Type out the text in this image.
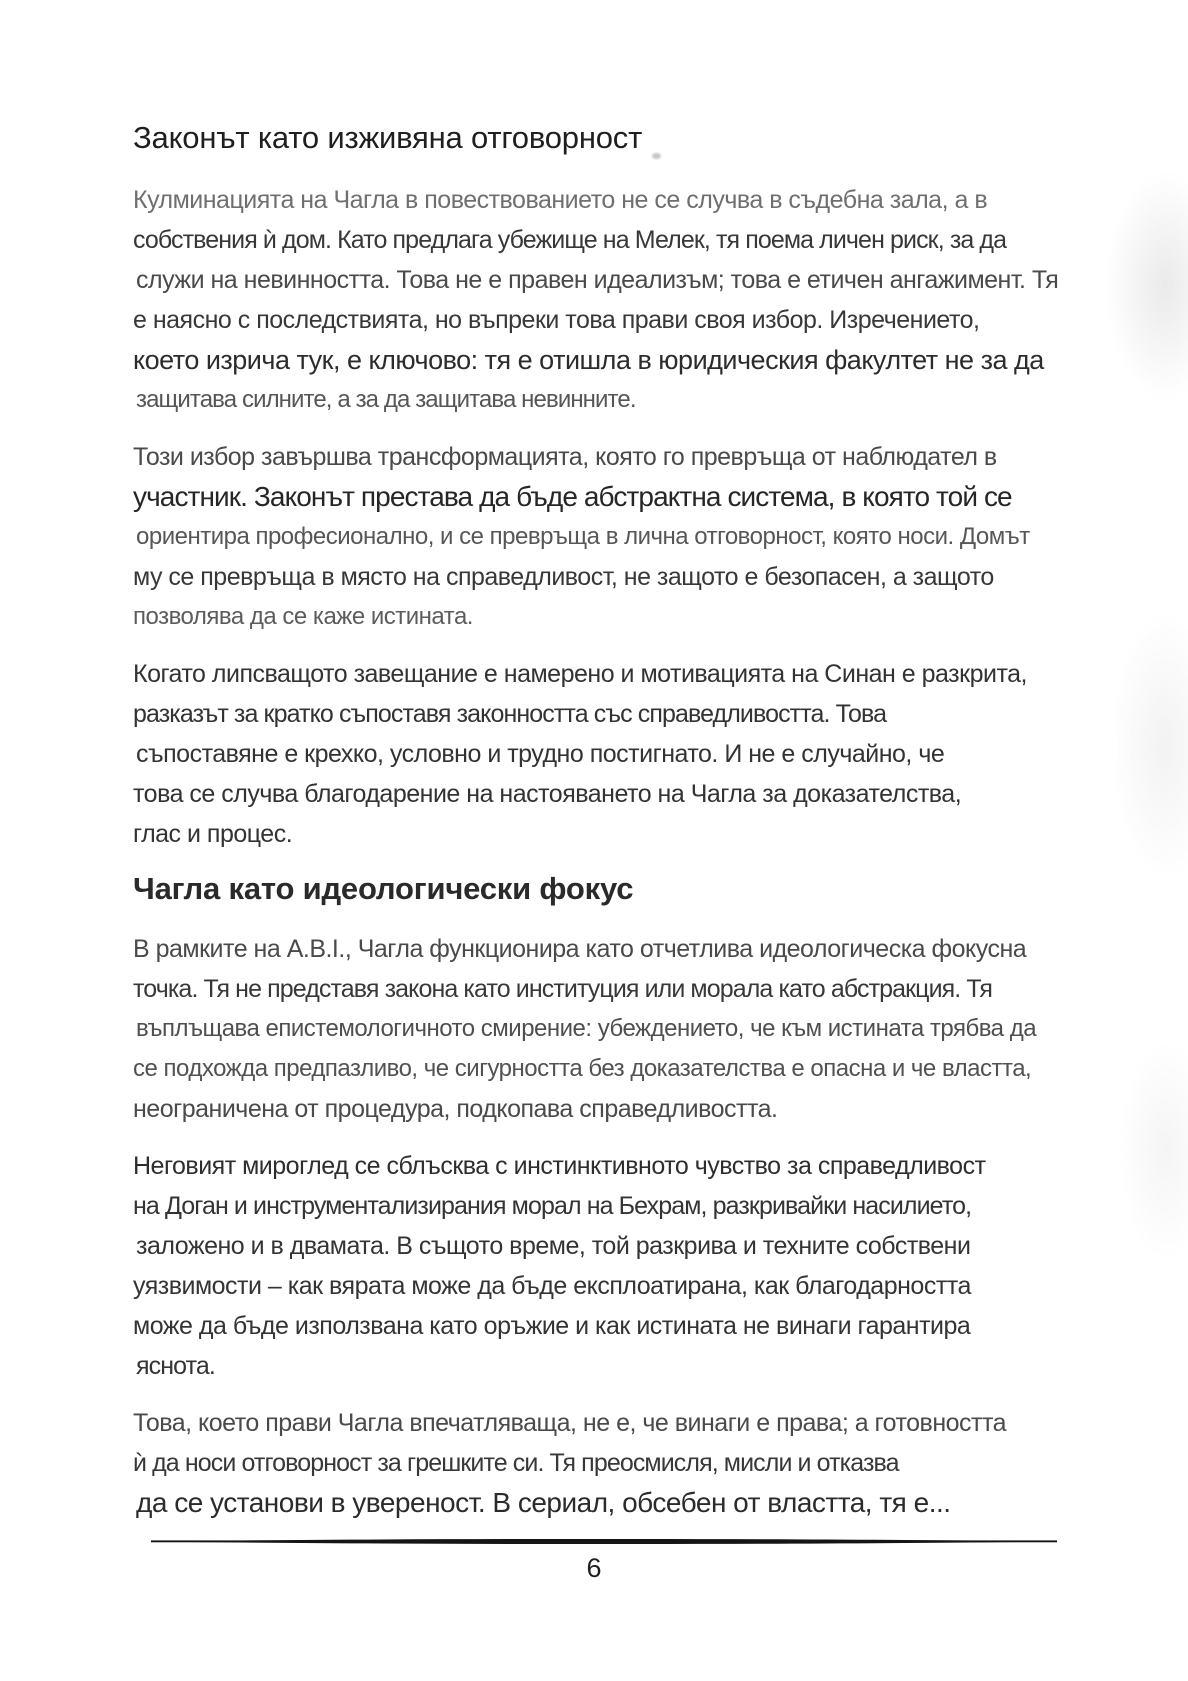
Законът като изживяна отговорност
Кулминацията на Чагла в повествованието не се случва в съдебна зала, а в
собствения ѝ дом. Като предлага убежище на Мелек, тя поема личен риск, за да
служи на невинността. Това не е правен идеализъм; това е етичен ангажимент. Тя
е наясно с последствията, но въпреки това прави своя избор. Изречението,
което изрича тук, е ключово: тя е отишла в юридическия факултет не за да
защитава силните, а за да защитава невинните.
Този избор завършва трансформацията, която го превръща от наблюдател в
участник. Законът престава да бъде абстрактна система, в която той се
ориентира професионално, и се превръща в лична отговорност, която носи. Домът
му се превръща в място на справедливост, не защото е безопасен, а защото
позволява да се каже истината.
Когато липсващото завещание е намерено и мотивацията на Синан е разкрита,
разказът за кратко съпоставя законността със справедливостта. Това
съпоставяне е крехко, условно и трудно постигнато. И не е случайно, че
това се случва благодарение на настояването на Чагла за доказателства,
глас и процес.
Чагла като идеологически фокус
В рамките на A.B.I., Чагла функционира като отчетлива идеологическа фокусна
точка. Тя не представя закона като институция или морала като абстракция. Тя
въплъщава епистемологичното смирение: убеждението, че към истината трябва да
се подхожда предпазливо, че сигурността без доказателства е опасна и че властта,
неограничена от процедура, подкопава справедливостта.
Неговият мироглед се сблъсква с инстинктивното чувство за справедливост
на Доган и инструментализирания морал на Бехрам, разкривайки насилието,
заложено и в двамата. В същото време, той разкрива и техните собствени
уязвимости – как вярата може да бъде експлоатирана, как благодарността
може да бъде използвана като оръжие и как истината не винаги гарантира
яснота.
Това, което прави Чагла впечатляваща, не е, че винаги е права; а готовността
ѝ да носи отговорност за грешките си. Тя преосмисля, мисли и отказва
да се установи в увереност. В сериал, обсебен от властта, тя е...
6
